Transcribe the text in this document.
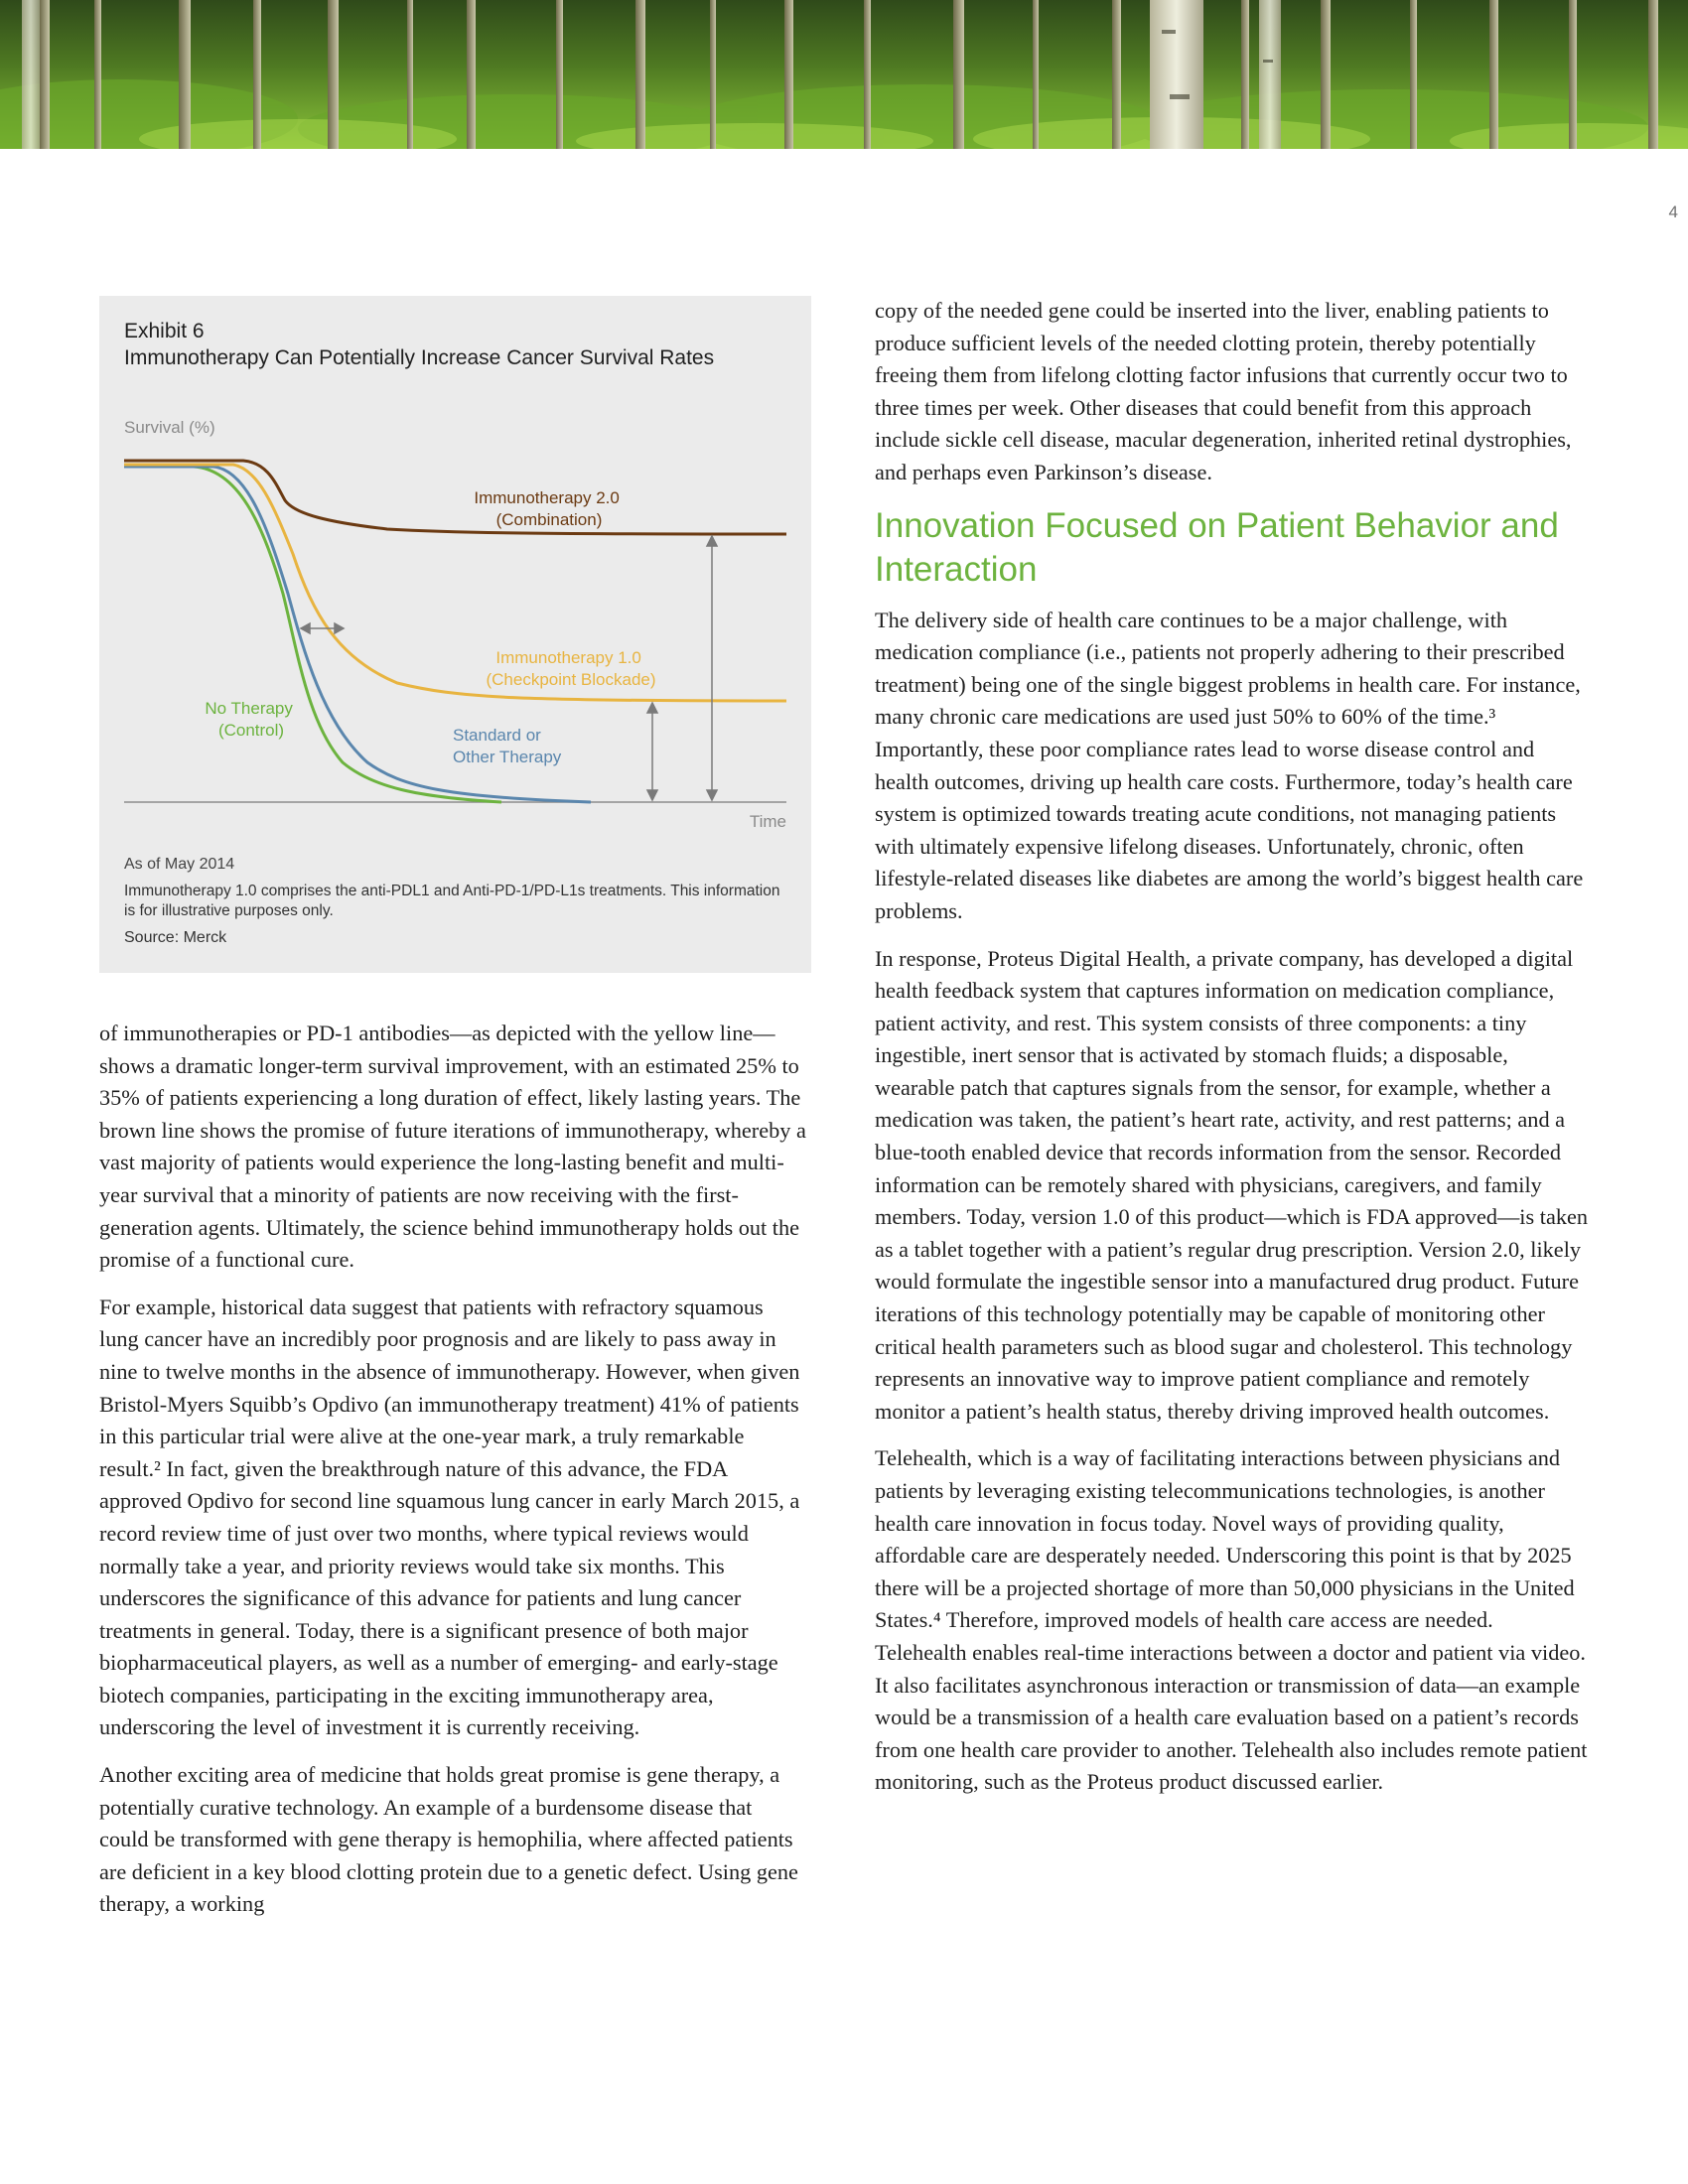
4
Exhibit 6
Immunotherapy Can Potentially Increase Cancer Survival Rates
Survival (%)
Time
Immunotherapy 2.0 (Combination)
Immunotherapy 1.0 (Checkpoint Blockade)
Standard or Other Therapy
No Therapy (Control)
As of May 2014
Immunotherapy 1.0 comprises the anti-PDL1 and Anti-PD-1/PD-L1s treatments. This information is for illustrative purposes only.
Source: Merck

of immunotherapies or PD-1 antibodies—as depicted with the yellow line—shows a dramatic longer-term survival improvement, with an estimated 25% to 35% of patients experiencing a long duration of effect, likely lasting years. The brown line shows the promise of future iterations of immunotherapy, whereby a vast majority of patients would experience the long-lasting benefit and multi-year survival that a minority of patients are now receiving with the first-generation agents. Ultimately, the science behind immunotherapy holds out the promise of a functional cure.

For example, historical data suggest that patients with refractory squamous lung cancer have an incredibly poor prognosis and are likely to pass away in nine to twelve months in the absence of immunotherapy. However, when given Bristol-Myers Squibb’s Opdivo (an immunotherapy treatment) 41% of patients in this particular trial were alive at the one-year mark, a truly remarkable result.² In fact, given the breakthrough nature of this advance, the FDA approved Opdivo for second line squamous lung cancer in early March 2015, a record review time of just over two months, where typical reviews would normally take a year, and priority reviews would take six months. This underscores the significance of this advance for patients and lung cancer treatments in general. Today, there is a significant presence of both major biopharmaceutical players, as well as a number of emerging- and early-stage biotech companies, participating in the exciting immunotherapy area, underscoring the level of investment it is currently receiving.

Another exciting area of medicine that holds great promise is gene therapy, a potentially curative technology. An example of a burdensome disease that could be transformed with gene therapy is hemophilia, where affected patients are deficient in a key blood clotting protein due to a genetic defect. Using gene therapy, a working

copy of the needed gene could be inserted into the liver, enabling patients to produce sufficient levels of the needed clotting protein, thereby potentially freeing them from lifelong clotting factor infusions that currently occur two to three times per week. Other diseases that could benefit from this approach include sickle cell disease, macular degeneration, inherited retinal dystrophies, and perhaps even Parkinson’s disease.

Innovation Focused on Patient Behavior and Interaction

The delivery side of health care continues to be a major challenge, with medication compliance (i.e., patients not properly adhering to their prescribed treatment) being one of the single biggest problems in health care. For instance, many chronic care medications are used just 50% to 60% of the time.³ Importantly, these poor compliance rates lead to worse disease control and health outcomes, driving up health care costs. Furthermore, today’s health care system is optimized towards treating acute conditions, not managing patients with ultimately expensive lifelong diseases. Unfortunately, chronic, often lifestyle-related diseases like diabetes are among the world’s biggest health care problems.

In response, Proteus Digital Health, a private company, has developed a digital health feedback system that captures information on medication compliance, patient activity, and rest. This system consists of three components: a tiny ingestible, inert sensor that is activated by stomach fluids; a disposable, wearable patch that captures signals from the sensor, for example, whether a medication was taken, the patient’s heart rate, activity, and rest patterns; and a blue-tooth enabled device that records information from the sensor. Recorded information can be remotely shared with physicians, caregivers, and family members. Today, version 1.0 of this product—which is FDA approved—is taken as a tablet together with a patient’s regular drug prescription. Version 2.0, likely would formulate the ingestible sensor into a manufactured drug product. Future iterations of this technology potentially may be capable of monitoring other critical health parameters such as blood sugar and cholesterol. This technology represents an innovative way to improve patient compliance and remotely monitor a patient’s health status, thereby driving improved health outcomes.

Telehealth, which is a way of facilitating interactions between physicians and patients by leveraging existing telecommunications technologies, is another health care innovation in focus today. Novel ways of providing quality, affordable care are desperately needed. Underscoring this point is that by 2025 there will be a projected shortage of more than 50,000 physicians in the United States.⁴ Therefore, improved models of health care access are needed. Telehealth enables real-time interactions between a doctor and patient via video. It also facilitates asynchronous interaction or transmission of data—an example would be a transmission of a health care evaluation based on a patient’s records from one health care provider to another. Telehealth also includes remote patient monitoring, such as the Proteus product discussed earlier.
